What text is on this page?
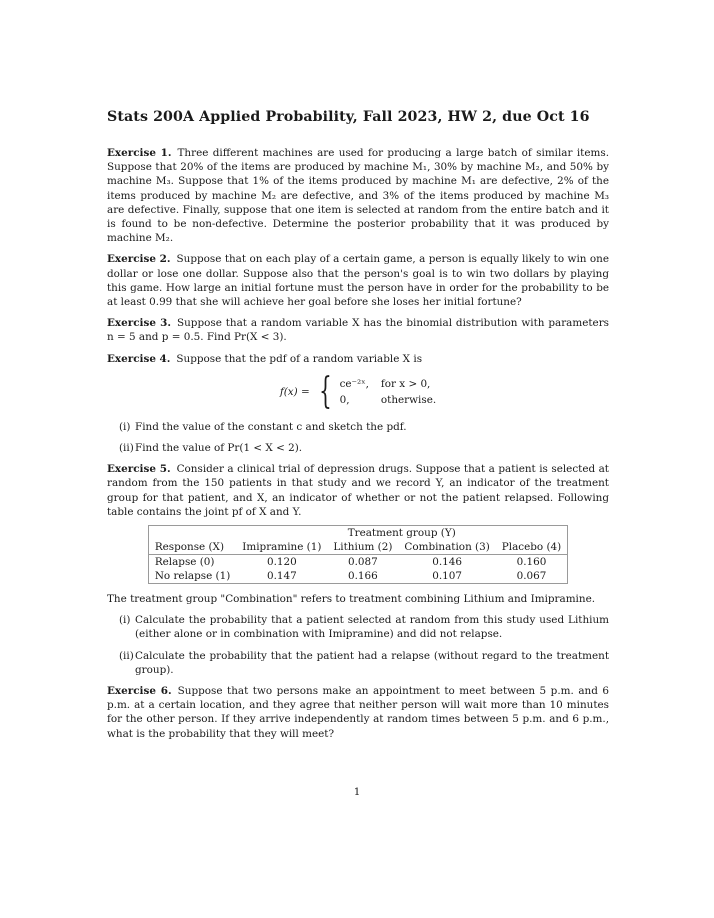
Stats 200A Applied Probability, Fall 2023, HW 2, due Oct 16

Exercise 1. Three different machines are used for producing a large batch of similar items. Suppose that 20% of the items are produced by machine M₁, 30% by machine M₂, and 50% by machine M₃. Suppose that 1% of the items produced by machine M₁ are defective, 2% of the items produced by machine M₂ are defective, and 3% of the items produced by machine M₃ are defective. Finally, suppose that one item is selected at random from the entire batch and it is found to be non-defective. Determine the posterior probability that it was produced by machine M₂.

Exercise 2. Suppose that on each play of a certain game, a person is equally likely to win one dollar or lose one dollar. Suppose also that the person's goal is to win two dollars by playing this game. How large an initial fortune must the person have in order for the probability to be at least 0.99 that she will achieve her goal before she loses her initial fortune?

Exercise 3. Suppose that a random variable X has the binomial distribution with parameters n = 5 and p = 0.5. Find Pr(X < 3).

Exercise 4. Suppose that the pdf of a random variable X is

f(x) = { ce⁻²ˣ, for x > 0,
0,	otherwise.
(i) Find the value of the constant c and sketch the pdf.
(ii) Find the value of Pr(1 < X < 2).

Exercise 5. Consider a clinical trial of depression drugs. Suppose that a patient is selected at random from the 150 patients in that study and we record Y, an indicator of the treatment group for that patient, and X, an indicator of whether or not the patient relapsed. Following table contains the joint pf of X and Y.

	Treatment group (Y)			
Response (X)	Imipramine (1)	Lithium (2)	Combination (3)	Placebo (4)
Relapse (0)	0.120	0.087	0.146	0.160
No relapse (1)	0.147	0.166	0.107	0.067

The treatment group "Combination" refers to treatment combining Lithium and Imipramine.

(i) Calculate the probability that a patient selected at random from this study used Lithium (either alone or in combination with Imipramine) and did not relapse.
(ii) Calculate the probability that the patient had a relapse (without regard to the treatment group).

Exercise 6. Suppose that two persons make an appointment to meet between 5 p.m. and 6 p.m. at a certain location, and they agree that neither person will wait more than 10 minutes for the other person. If they arrive independently at random times between 5 p.m. and 6 p.m., what is the probability that they will meet?

1
